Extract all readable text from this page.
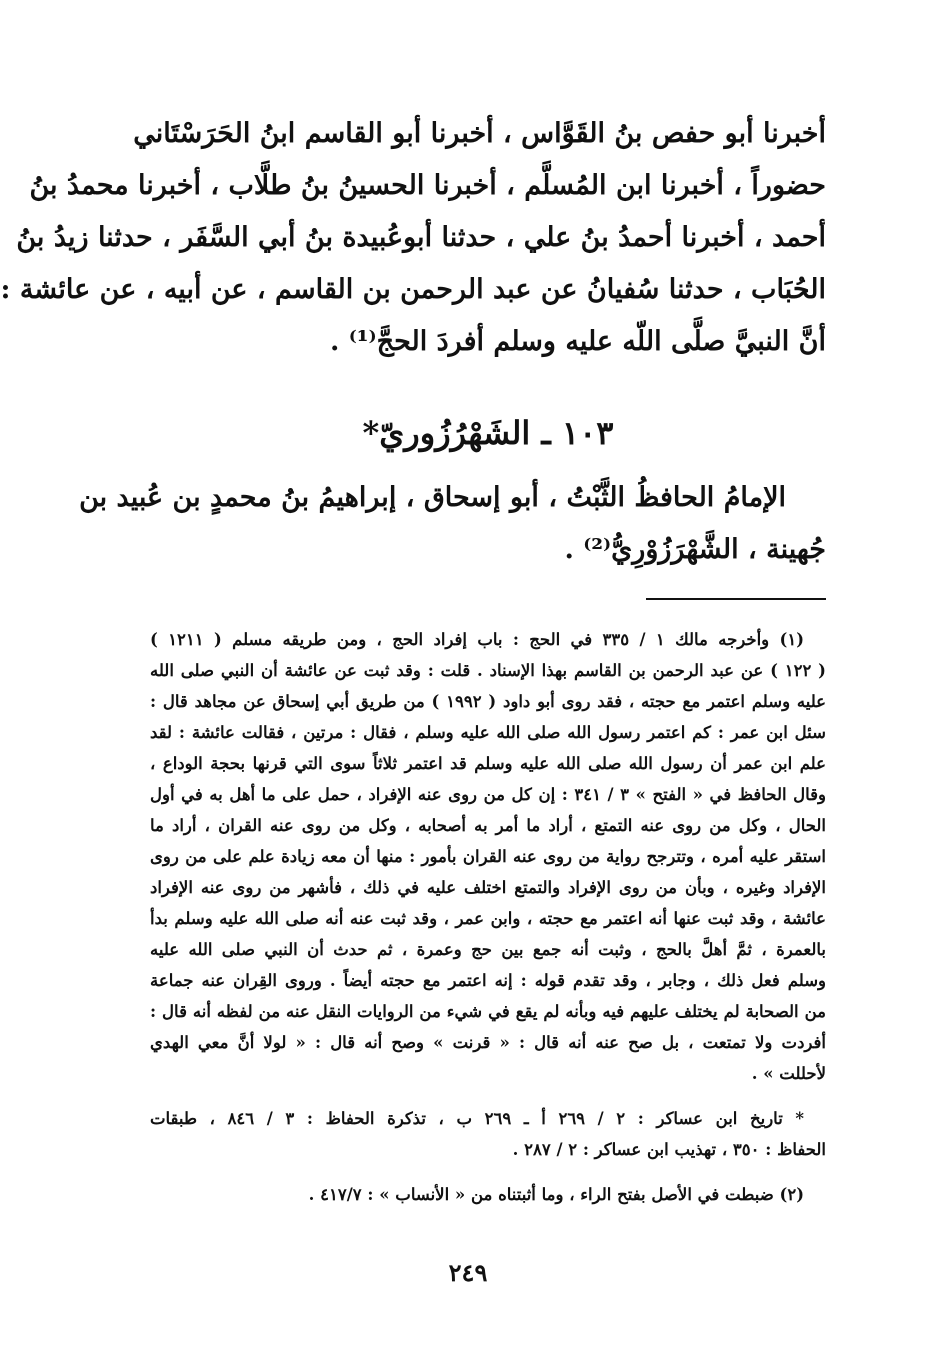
أخبرنا أبو حفص بنُ القَوَّاس ، أخبرنا أبو القاسم ابنُ الحَرَسْتَاني
حضوراً ، أخبرنا ابن المُسلَّم ، أخبرنا الحسينُ بنُ طلَّاب ، أخبرنا محمدُ بنُ
أحمد ، أخبرنا أحمدُ بنُ علي ، حدثنا أبوعُبيدة بنُ أبي السَّفَر ، حدثنا زيدُ بنُ
الحُبَاب ، حدثنا سُفيانُ عن عبد الرحمن بن القاسم ، عن أبيه ، عن عائشة :
أنَّ النبيَّ صلَّى اللّه عليه وسلم أفردَ الحجَّ⁽¹⁾ .
١٠٣ ـ الشَهْرُزُوريّ*
الإمامُ الحافظُ الثَّبْتُ ، أبو إسحاق ، إبراهيمُ بنُ محمدٍ بن عُبيد بن
جُهينة ، الشَّهْرَزُوْرِيُّ⁽²⁾ .
(١) وأخرجه مالك ١ / ٣٣٥ في الحج : باب إفراد الحج ، ومن طريقه مسلم ( ١٢١١ )
( ١٢٢ ) عن عبد الرحمن بن القاسم بهذا الإسناد . قلت : وقد ثبت عن عائشة أن النبي صلى الله
عليه وسلم اعتمر مع حجته ، فقد روى أبو داود ( ١٩٩٢ ) من طريق أبي إسحاق عن مجاهد قال :
سئل ابن عمر : كم اعتمر رسول الله صلى الله عليه وسلم ، فقال : مرتين ، فقالت عائشة : لقد
علم ابن عمر أن رسول الله صلى الله عليه وسلم قد اعتمر ثلاثاً سوى التي قرنها بحجة الوداع ،
وقال الحافظ في « الفتح » ٣ / ٣٤١ : إن كل من روى عنه الإفراد ، حمل على ما أهل به في أول
الحال ، وكل من روى عنه التمتع ، أراد ما أمر به أصحابه ، وكل من روى عنه القران ، أراد ما
استقر عليه أمره ، وتترجح رواية من روى عنه القران بأمور : منها أن معه زيادة علم على من روى
الإفراد وغيره ، وبأن من روى الإفراد والتمتع اختلف عليه في ذلك ، فأشهر من روى عنه الإفراد
عائشة ، وقد ثبت عنها أنه اعتمر مع حجته ، وابن عمر ، وقد ثبت عنه أنه صلى الله عليه وسلم بدأ
بالعمرة ، ثمَّ أهلَّ بالحج ، وثبت أنه جمع بين حج وعمرة ، ثم حدث أن النبي صلى الله عليه
وسلم فعل ذلك ، وجابر ، وقد تقدم قوله : إنه اعتمر مع حجته أيضاً . وروى القِران عنه جماعة
من الصحابة لم يختلف عليهم فيه وبأنه لم يقع في شيء من الروايات النقل عنه من لفظه أنه قال :
أفردت ولا تمتعت ، بل صح عنه أنه قال : « قرنت » وصح أنه قال : « لولا أنَّ معي الهدي
لأحللت » .
* تاريخ ابن عساكر : ٢ / ٢٦٩ أ ـ ٢٦٩ ب ، تذكرة الحفاظ : ٣ / ٨٤٦ ، طبقات
الحفاظ : ٣٥٠ ، تهذيب ابن عساكر : ٢ / ٢٨٧ .
(٢) ضبطت في الأصل بفتح الراء ، وما أثبتناه من « الأنساب » : ٤١٧/٧ .
٢٤٩
